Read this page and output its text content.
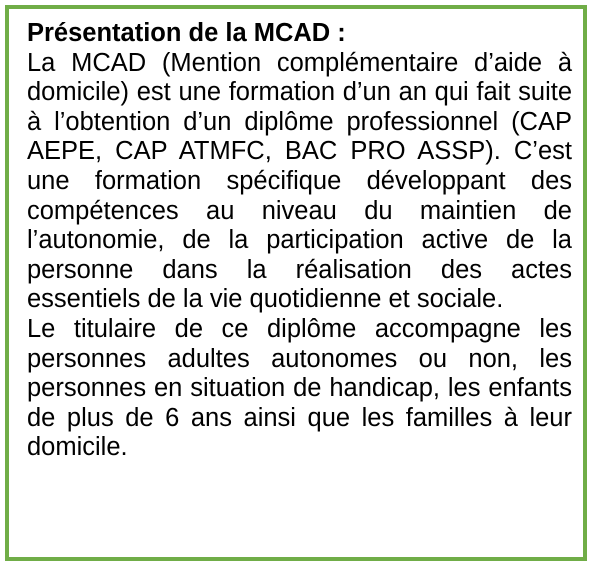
Présentation de la MCAD :

La MCAD (Mention complémentaire d’aide à domicile) est une formation d’un an qui fait suite à l’obtention d’un diplôme professionnel (CAP AEPE, CAP ATMFC, BAC PRO ASSP). C’est une formation spécifique développant des compétences au niveau du maintien de l’autonomie, de la participation active de la personne dans la réalisation des actes essentiels de la vie quotidienne et sociale.

Le titulaire de ce diplôme accompagne les personnes adultes autonomes ou non, les personnes en situation de handicap, les enfants de plus de 6 ans ainsi que les familles à leur domicile.
